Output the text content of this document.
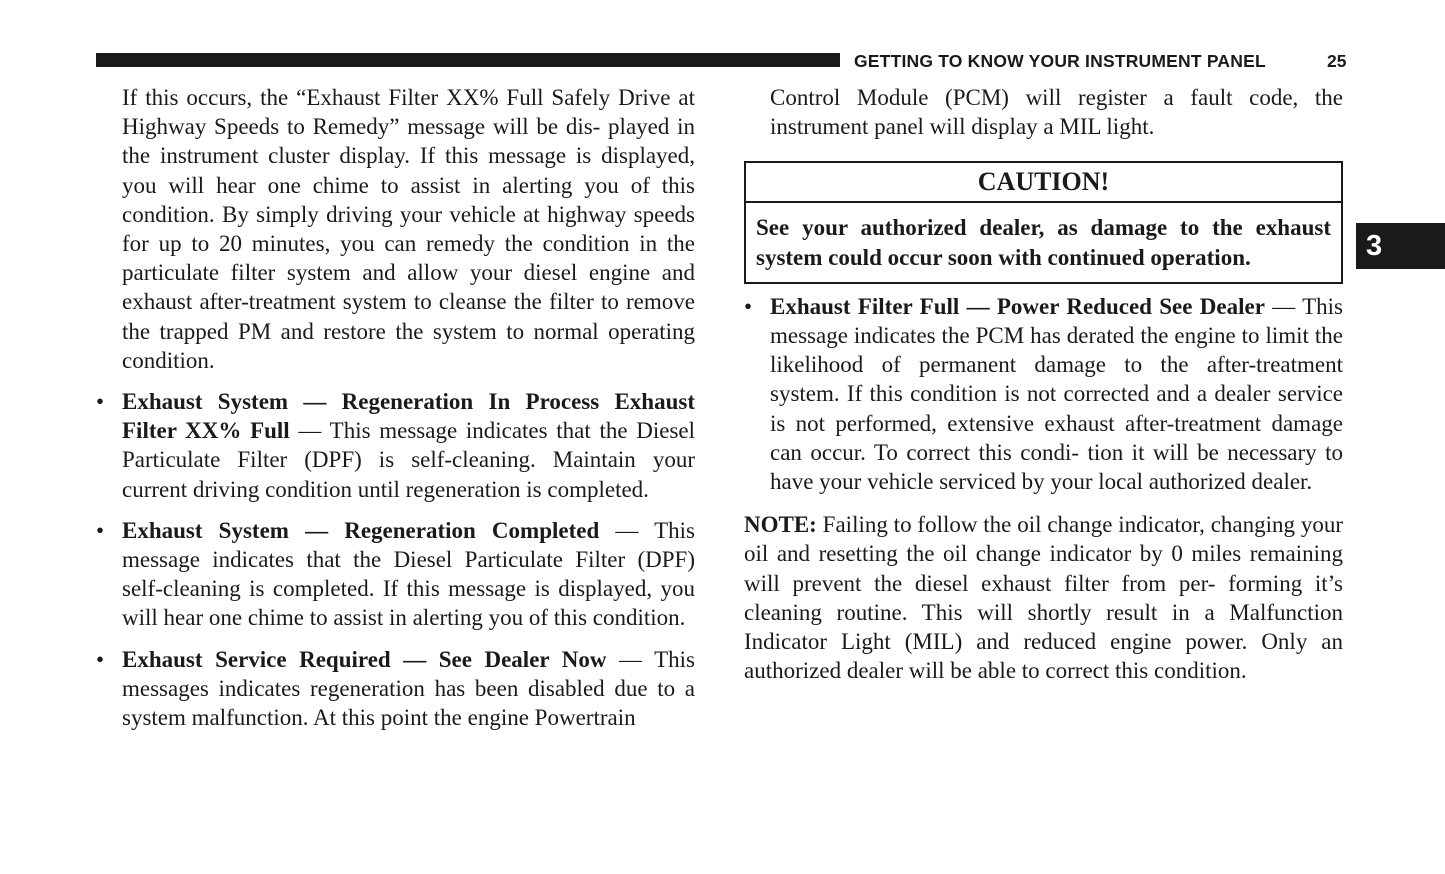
GETTING TO KNOW YOUR INSTRUMENT PANEL	25
3

If this occurs, the “Exhaust Filter XX% Full Safely Drive at Highway Speeds to Remedy” message will be dis- played in the instrument cluster display. If this message is displayed, you will hear one chime to assist in alerting you of this condition. By simply driving your vehicle at highway speeds for up to 20 minutes, you can remedy the condition in the particulate filter system and allow your diesel engine and exhaust after-treatment system to cleanse the filter to remove the trapped PM and restore the system to normal operating condition.

• Exhaust System — Regeneration In Process Exhaust Filter XX% Full — This message indicates that the Diesel Particulate Filter (DPF) is self-cleaning. Maintain your current driving condition until regeneration is completed.

• Exhaust System — Regeneration Completed — This message indicates that the Diesel Particulate Filter (DPF) self-cleaning is completed. If this message is displayed, you will hear one chime to assist in alerting you of this condition.

• Exhaust Service Required — See Dealer Now — This messages indicates regeneration has been disabled due to a system malfunction. At this point the engine Powertrain

Control Module (PCM) will register a fault code, the instrument panel will display a MIL light.

CAUTION!
See your authorized dealer, as damage to the exhaust system could occur soon with continued operation.

• Exhaust Filter Full — Power Reduced See Dealer — This message indicates the PCM has derated the engine to limit the likelihood of permanent damage to the after-treatment system. If this condition is not corrected and a dealer service is not performed, extensive exhaust after-treatment damage can occur. To correct this condi- tion it will be necessary to have your vehicle serviced by your local authorized dealer.

NOTE: Failing to follow the oil change indicator, changing your oil and resetting the oil change indicator by 0 miles remaining will prevent the diesel exhaust filter from per- forming it’s cleaning routine. This will shortly result in a Malfunction Indicator Light (MIL) and reduced engine power. Only an authorized dealer will be able to correct this condition.
